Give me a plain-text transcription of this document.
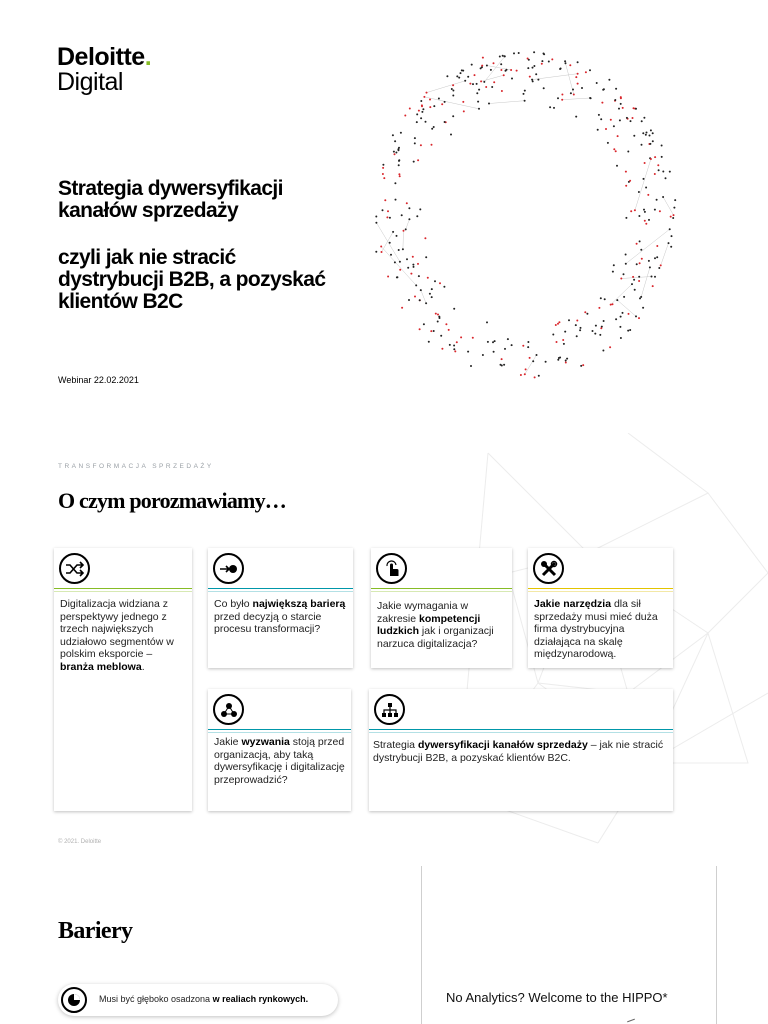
Deloitte.
Digital
Strategia dywersyfikacji
kanałów sprzedaży
czyli jak nie stracić
dystrybucji B2B, a pozyskać
klientów B2C
Webinar 22.02.2021
TRANSFORMACJA SPRZEDAŻY
O czym porozmawiamy…
Digitalizacja widziana z perspektywy jednego z trzech największych udziałowo segmentów w polskim eksporcie – branża meblowa.
Co było największą barierą przed decyzją o starcie procesu transformacji?
Jakie wymagania w zakresie kompetencji ludzkich jak i organizacji narzuca digitalizacja?
Jakie narzędzia dla sił sprzedaży musi mieć duża firma dystrybucyjna działająca na skalę międzynarodową.
Jakie wyzwania stoją przed organizacją, aby taką dywersyfikację i digitalizację przeprowadzić?
Strategia dywersyfikacji kanałów sprzedaży – jak nie stracić dystrybucji B2B, a pozyskać klientów B2C.
© 2021. Deloitte
Bariery
Musi być głęboko osadzona w realiach rynkowych.	No Analytics? Welcome to the HIPPO*
